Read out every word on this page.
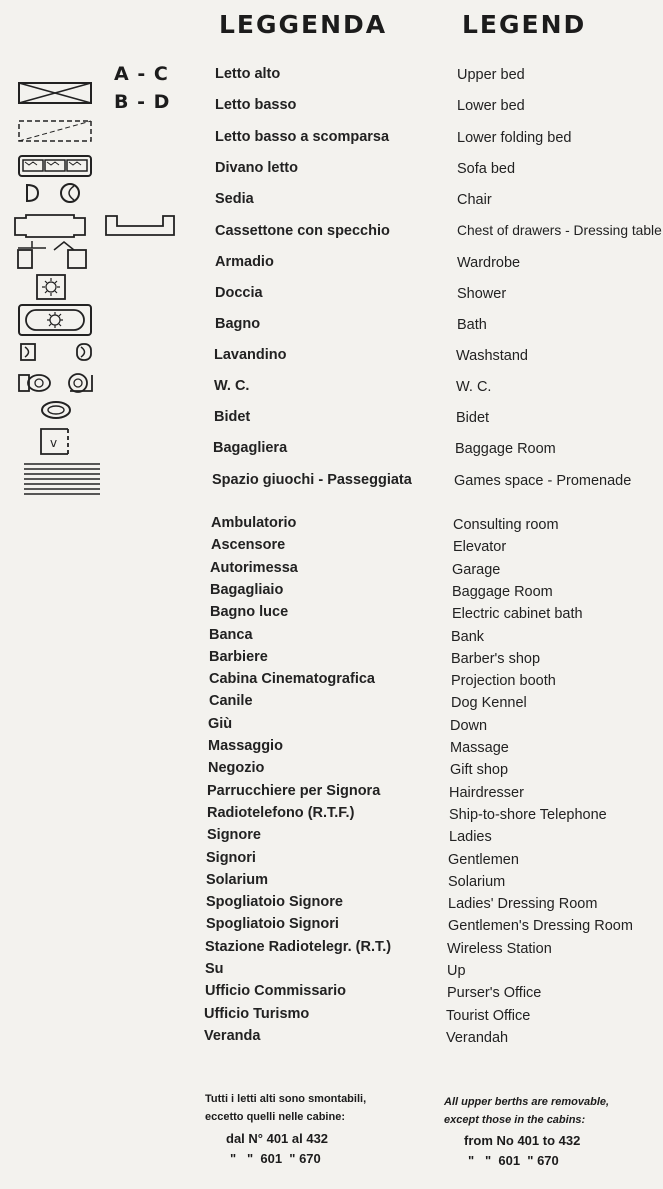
LEGGENDA	LEGEND
A - C
B - D
v
Letto alto	Upper bed
Letto basso	Lower bed
Letto basso a scomparsa	Lower folding bed
Divano letto	Sofa bed
Sedia	Chair
Cassettone con specchio	Chest of drawers - Dressing table
Armadio	Wardrobe
Doccia	Shower
Bagno	Bath
Lavandino	Washstand
W. C.	W. C.
Bidet	Bidet
Bagagliera	Baggage Room
Spazio giuochi - Passeggiata	Games space - Promenade
Ambulatorio	Consulting room
Ascensore	Elevator
Autorimessa	Garage
Bagagliaio	Baggage Room
Bagno luce	Electric cabinet bath
Banca	Bank
Barbiere	Barber's shop
Cabina Cinematografica	Projection booth
Canile	Dog Kennel
Giù	Down
Massaggio	Massage
Negozio	Gift shop
Parrucchiere per Signora	Hairdresser
Radiotelefono (R.T.F.)	Ship-to-shore Telephone
Signore	Ladies
Signori	Gentlemen
Solarium	Solarium
Spogliatoio Signore	Ladies' Dressing Room
Spogliatoio Signori	Gentlemen's Dressing Room
Stazione Radiotelegr. (R.T.)	Wireless Station
Su	Up
Ufficio Commissario	Purser's Office
Ufficio Turismo	Tourist Office
Veranda	Verandah
Tutti i letti alti sono smontabili,
eccetto quelli nelle cabine:
dal N° 401 al 432
"   "  601  " 670
All upper berths are removable,
except those in the cabins:
from No 401 to 432
"   "  601  " 670
